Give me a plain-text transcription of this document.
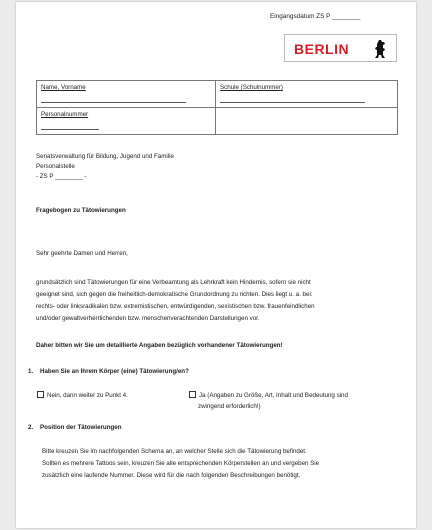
Eingangsdatum ZS P ________
BERLIN
Name, Vorname	Schule (Schulnummer)

Personalnummer	

Senatsverwaltung für Bildung, Jugend und Familie
Personalstelle
- ZS P ________ -
Fragebogen zu Tätowierungen
Sehr geehrte Damen und Herren,
grundsätzlich sind Tätowierungen für eine Verbeamtung als Lehrkraft kein Hindernis, sofern sie nicht
geeignet sind, sich gegen die freiheitlich-demokratische Grundordnung zu richten. Dies liegt u. a. bei:
rechts- oder linksradikalen bzw. extremistischen, entwürdigenden, sexistischen bzw. frauenfeindlichen
und/oder gewaltverherrlichenden bzw. menschenverachtenden Darstellungen vor.
Daher bitten wir Sie um detaillierte Angaben bezüglich vorhandener Tätowierungen!
1. Haben Sie an Ihrem Körper (eine) Tätowierung/en?
Nein, dann weiter zu Punkt 4.	Ja (Angaben zu Größe, Art, Inhalt und Bedeutung sind
zwingend erforderlich!)
2. Position der Tätowierungen
Bitte kreuzen Sie im nachfolgenden Schema an, an welcher Stelle sich die Tätowierung befindet.
Sollten es mehrere Tattoos sein, kreuzen Sie alle entsprechenden Körperstellen an und vergeben Sie
zusätzlich eine laufende Nummer. Diese wird für die nach folgenden Beschreibungen benötigt.
